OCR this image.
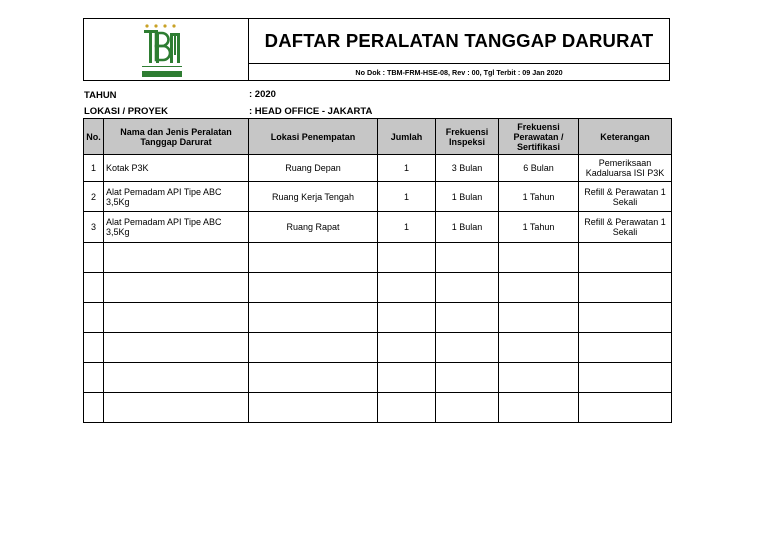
DAFTAR PERALATAN TANGGAP DARURAT
No Dok : TBM-FRM-HSE-08, Rev : 00, Tgl Terbit : 09 Jan 2020
TAHUN	: 2020
LOKASI / PROYEK	: HEAD OFFICE - JAKARTA
No.	Nama dan Jenis Peralatan Tanggap Darurat	Lokasi Penempatan	Jumlah	Frekuensi Inspeksi	Frekuensi Perawatan / Sertifikasi	Keterangan
1	Kotak P3K	Ruang Depan	1	3 Bulan	6 Bulan	Pemeriksaan Kadaluarsa ISI P3K
2	Alat Pemadam API Tipe ABC 3,5Kg	Ruang Kerja Tengah	1	1 Bulan	1 Tahun	Refill & Perawatan 1 Sekali
3	Alat Pemadam API Tipe ABC 3,5Kg	Ruang Rapat	1	1 Bulan	1 Tahun	Refill & Perawatan 1 Sekali
